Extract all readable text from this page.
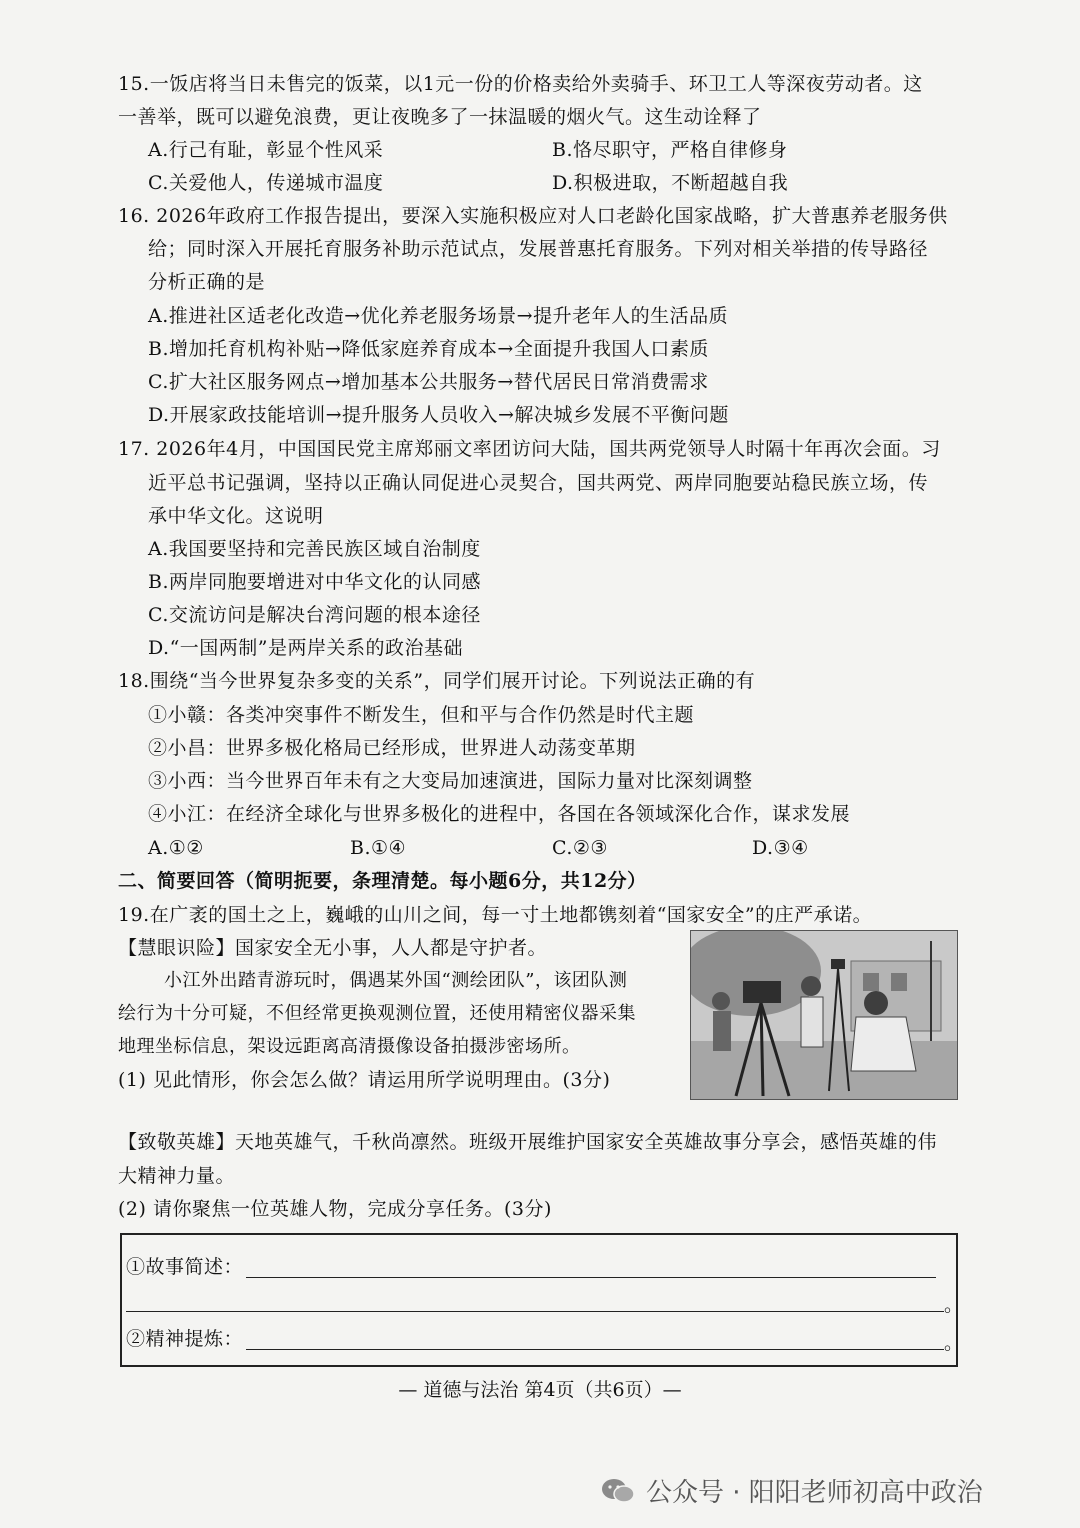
15.一饭店将当日未售完的饭菜，以1元一份的价格卖给外卖骑手、环卫工人等深夜劳动者。这
一善举，既可以避免浪费，更让夜晚多了一抹温暖的烟火气。这生动诠释了
A.行己有耻，彰显个性风采	B.恪尽职守，严格自律修身
C.关爱他人，传递城市温度	D.积极进取，不断超越自我
16. 2026年政府工作报告提出，要深入实施积极应对人口老龄化国家战略，扩大普惠养老服务供
给；同时深入开展托育服务补助示范试点，发展普惠托育服务。下列对相关举措的传导路径
分析正确的是
A.推进社区适老化改造→优化养老服务场景→提升老年人的生活品质
B.增加托育机构补贴→降低家庭养育成本→全面提升我国人口素质
C.扩大社区服务网点→增加基本公共服务→替代居民日常消费需求
D.开展家政技能培训→提升服务人员收入→解决城乡发展不平衡问题
17. 2026年4月，中国国民党主席郑丽文率团访问大陆，国共两党领导人时隔十年再次会面。习
近平总书记强调，坚持以正确认同促进心灵契合，国共两党、两岸同胞要站稳民族立场，传
承中华文化。这说明
A.我国要坚持和完善民族区域自治制度
B.两岸同胞要增进对中华文化的认同感
C.交流访问是解决台湾问题的根本途径
D.“一国两制”是两岸关系的政治基础
18.围绕“当今世界复杂多变的关系”，同学们展开讨论。下列说法正确的有
①小赣：各类冲突事件不断发生，但和平与合作仍然是时代主题
②小昌：世界多极化格局已经形成，世界进人动荡变革期
③小西：当今世界百年未有之大变局加速演进，国际力量对比深刻调整
④小江：在经济全球化与世界多极化的进程中，各国在各领域深化合作，谋求发展
A.①②	B.①④	C.②③	D.③④
二、简要回答（简明扼要，条理清楚。每小题6分，共12分）
19.在广袤的国土之上，巍峨的山川之间，每一寸土地都镌刻着“国家安全”的庄严承诺。
【慧眼识险】国家安全无小事，人人都是守护者。
小江外出踏青游玩时，偶遇某外国“测绘团队”，该团队测
绘行为十分可疑，不但经常更换观测位置，还使用精密仪器采集
地理坐标信息，架设远距离高清摄像设备拍摄涉密场所。
(1) 见此情形，你会怎么做？请运用所学说明理由。(3分)
【致敬英雄】天地英雄气，千秋尚凛然。班级开展维护国家安全英雄故事分享会，感悟英雄的伟
大精神力量。
(2) 请你聚焦一位英雄人物，完成分享任务。(3分)
①故事简述：
。
②精神提炼：	。
— 道德与法治 第4页（共6页）—
公众号 · 阳阳老师初高中政治
